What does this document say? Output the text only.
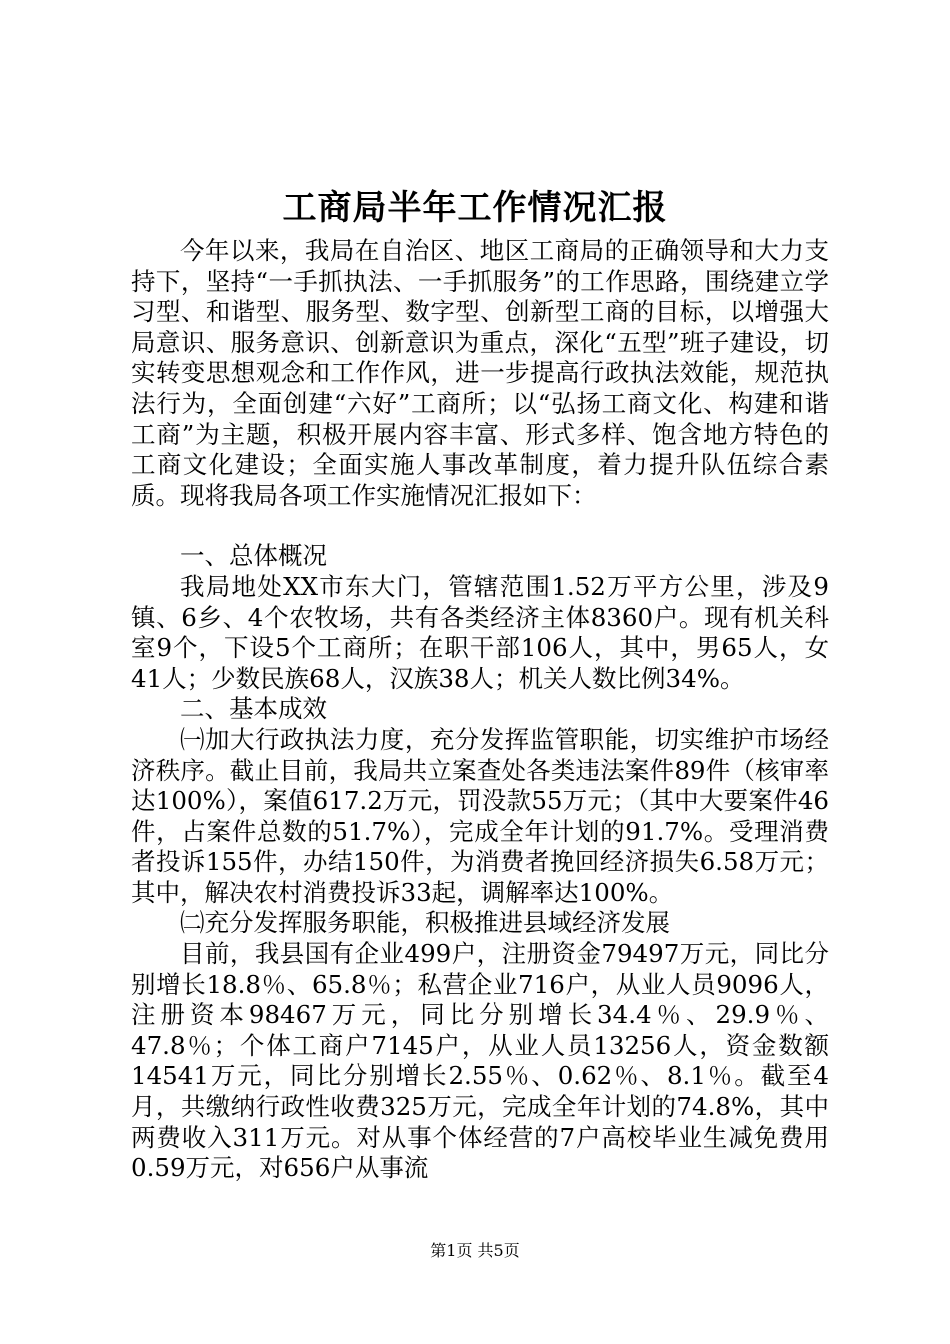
工商局半年工作情况汇报

今年以来，我局在自治区、地区工商局的正确领导和大力支持下，坚持“一手抓执法、一手抓服务”的工作思路，围绕建立学习型、和谐型、服务型、数字型、创新型工商的目标，以增强大局意识、服务意识、创新意识为重点，深化“五型”班子建设，切实转变思想观念和工作作风，进一步提高行政执法效能，规范执法行为，全面创建“六好”工商所；以“弘扬工商文化、构建和谐工商”为主题，积极开展内容丰富、形式多样、饱含地方特色的工商文化建设；全面实施人事改革制度，着力提升队伍综合素质。现将我局各项工作实施情况汇报如下：

一、总体概况

我局地处XX市东大门，管辖范围1.52万平方公里，涉及9镇、6乡、4个农牧场，共有各类经济主体8360户。现有机关科室9个，下设5个工商所；在职干部106人，其中，男65人，女41人；少数民族68人，汉族38人；机关人数比例34%。

二、基本成效

㈠加大行政执法力度，充分发挥监管职能，切实维护市场经济秩序。截止目前，我局共立案查处各类违法案件89件（核审率达100%），案值617.2万元，罚没款55万元；（其中大要案件46件，占案件总数的51.7%），完成全年计划的91.7%。受理消费者投诉155件，办结150件，为消费者挽回经济损失6.58万元；其中，解决农村消费投诉33起，调解率达100%。

㈡充分发挥服务职能，积极推进县域经济发展

目前，我县国有企业499户，注册资金79497万元，同比分别增长18.8％、65.8％；私营企业716户，从业人员9096人，注册资本98467万元，同比分别增长34.4％、29.9％、47.8％；个体工商户7145户，从业人员13256人，资金数额14541万元，同比分别增长2.55％、0.62％、8.1％。截至4月，共缴纳行政性收费325万元，完成全年计划的74.8%，其中两费收入311万元。对从事个体经营的7户高校毕业生减免费用0.59万元，对656户从事流

第1页 共5页
